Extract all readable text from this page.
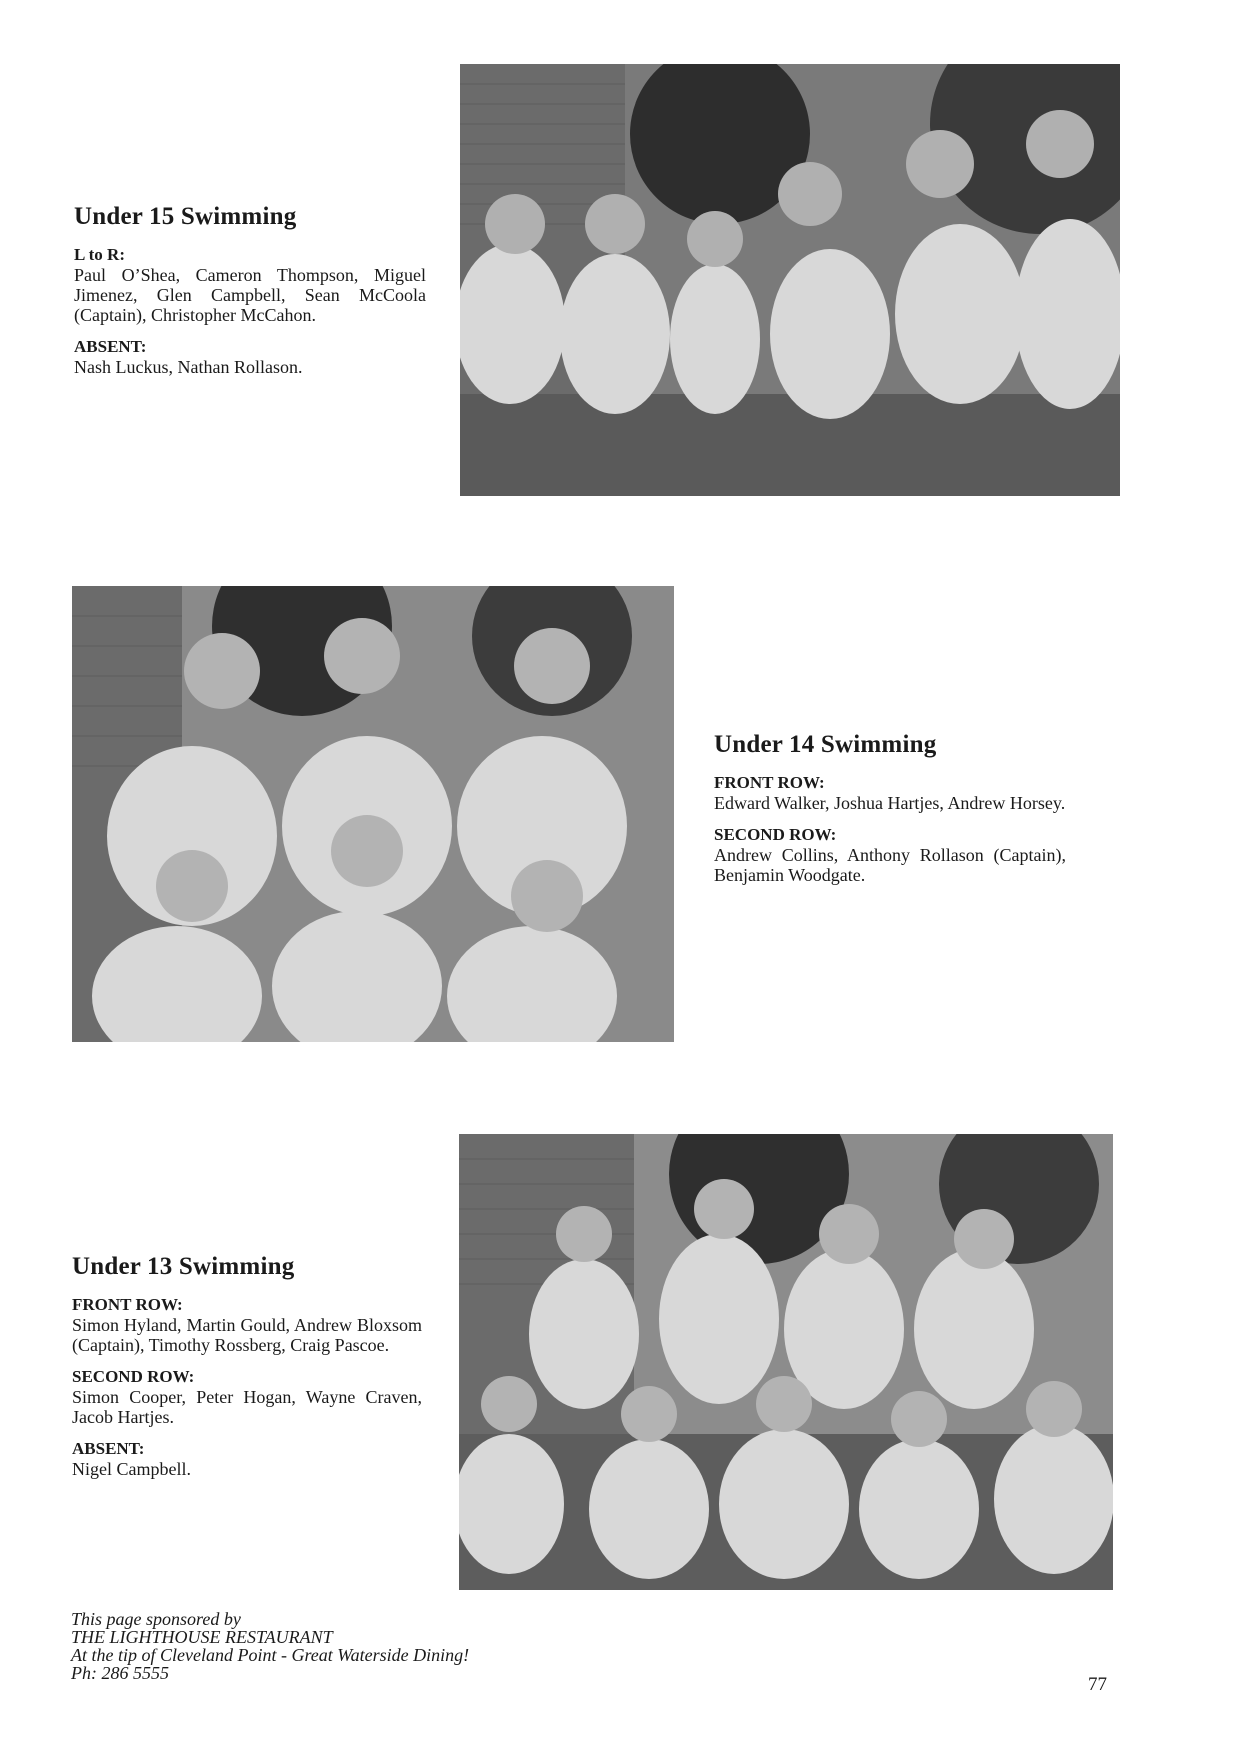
Under 15 Swimming

L to R:

Paul O’Shea, Cameron Thompson, Miguel Jimenez, Glen Campbell, Sean McCoola (Captain), Christopher McCahon.

ABSENT:

Nash Luckus, Nathan Rollason.

Under 14 Swimming

FRONT ROW:

Edward Walker, Joshua Hartjes, Andrew Horsey.

SECOND ROW:

Andrew Collins, Anthony Rollason (Captain), Benjamin Woodgate.

Under 13 Swimming

FRONT ROW:

Simon Hyland, Martin Gould, Andrew Bloxsom (Captain), Timothy Rossberg, Craig Pascoe.

SECOND ROW:

Simon Cooper, Peter Hogan, Wayne Craven, Jacob Hartjes.

ABSENT:

Nigel Campbell.

This page sponsored by
THE LIGHTHOUSE RESTAURANT
At the tip of Cleveland Point - Great Waterside Dining!
Ph: 286 5555
77
